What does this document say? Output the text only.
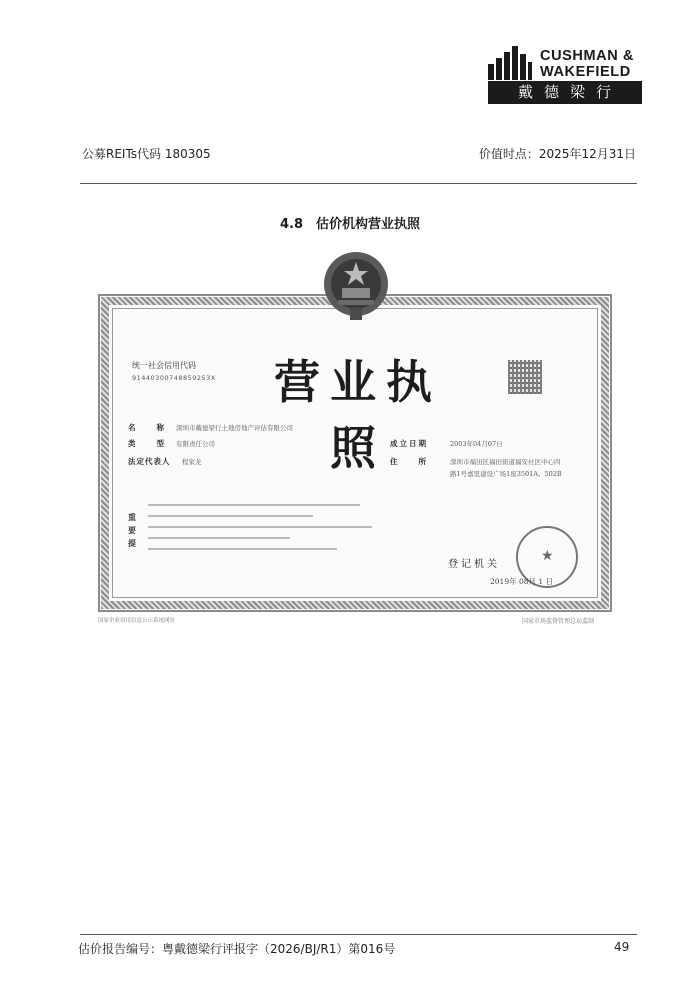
CUSHMAN &
WAKEFIELD
戴德梁行
公募REITs代码 180305	价值时点：2025年12月31日
4.8　估价机构营业执照
统一社会信用代码
91440300748859253X	营业执照
名　　称 深圳市戴德梁行土地房地产评估有限公司
类　　型 有限责任公司
法定代表人 程家龙
成立日期	2003年04月07日
住　　所	深圳市福田区福田街道福安社区中心四
路1号嘉里建设广场1座3501A、502B
重
要
提
★
登记机关
2019年 08月 1 日
国家企业信用信息公示系统网址	国家市场监督管理总局监制
估价报告编号：粤戴德梁行评报字（2026/BJ/R1）第016号	49
